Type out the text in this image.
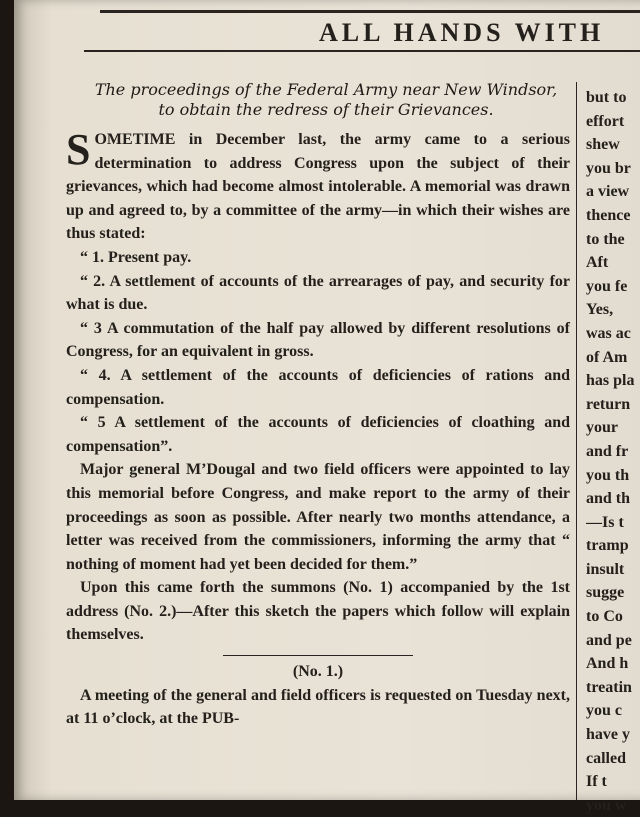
ALL HANDS WITH
The proceedings of the Federal Army near New Windsor,
to obtain the redress of their Grievances.

SOMETIME in December last, the army came to a serious determination to address Congress upon the subject of their grievances, which had become almost intolerable. A memorial was drawn up and agreed to, by a committee of the army—in which their wishes are thus stated:

“ 1. Present pay.

“ 2. A settlement of accounts of the arrearages of pay, and security for what is due.

“ 3 A commutation of the half pay allowed by different resolutions of Congress, for an equivalent in gross.

“ 4. A settlement of the accounts of deficiencies of rations and compensation.

“ 5 A settlement of the accounts of deficiencies of cloathing and compensation”.

Major general M’Dougal and two field officers were appointed to lay this memorial before Congress, and make report to the army of their proceedings as soon as possible. After nearly two months attendance, a letter was received from the commissioners, informing the army that “ nothing of moment had yet been decided for them.”

Upon this came forth the summons (No. 1) accompanied by the 1st address (No. 2.)—After this sketch the papers which follow will explain themselves.

(No. 1.)

A meeting of the general and field officers is requested on Tuesday next, at 11 o’clock, at the PUB-

but to
effort
shew
you br
a view
thence
to the
Aft
you fe
Yes,
was ac
of Am
has pla
return
your
and fr
you th
and th
—Is t
tramp
insult
sugge
to Co
and pe
And h
treatin
you c
have y
called
If t
you w
